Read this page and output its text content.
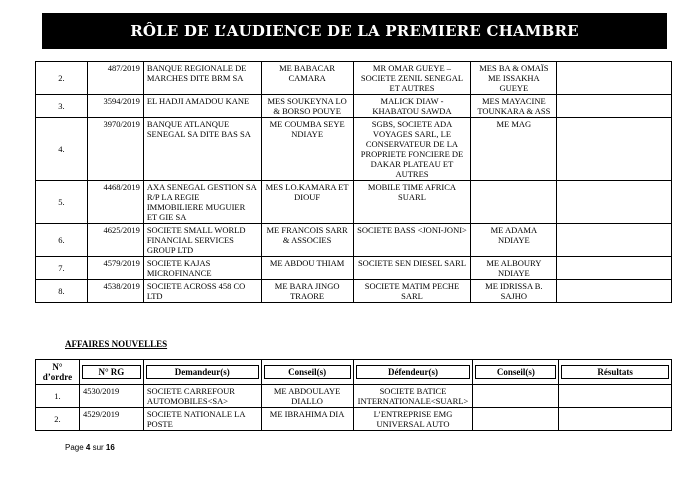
RÔLE DE L’AUDIENCE DE LA PREMIERE CHAMBRE
2.	487/2019	BANQUE REGIONALE DE MARCHES DITE BRM SA	ME BABACAR CAMARA	MR OMAR GUEYE – SOCIETE ZENIL SENEGAL ET AUTRES	MES BA & OMAÏS ME ISSAKHA GUEYE	
3.	3594/2019	EL HADJI AMADOU KANE	MES SOUKEYNA LO & BORSO POUYE	MALICK DIAW - KHABATOU SAWDA	MES MAYACINE TOUNKARA & ASS	
4.	3970/2019	BANQUE ATLANQUE SENEGAL SA DITE BAS SA	ME COUMBA SEYE NDIAYE	SGBS, SOCIETE ADA VOYAGES SARL, LE CONSERVATEUR DE LA PROPRIETE FONCIERE DE DAKAR PLATEAU ET AUTRES	ME MAG	
5.	4468/2019	AXA SENEGAL GESTION SA R/P LA REGIE IMMOBILIERE MUGUIER ET GIE SA	MES LO.KAMARA ET DIOUF	MOBILE TIME AFRICA SUARL		
6.	4625/2019	SOCIETE SMALL WORLD FINANCIAL SERVICES GROUP LTD	ME FRANCOIS SARR & ASSOCIES	SOCIETE BASS <JONI-JONI>	ME ADAMA NDIAYE	
7.	4579/2019	SOCIETE KAJAS MICROFINANCE	ME ABDOU THIAM	SOCIETE SEN DIESEL SARL	ME ALBOURY NDIAYE	
8.	4538/2019	SOCIETE ACROSS 458 CO LTD	ME BARA JINGO TRAORE	SOCIETE MATIM PECHE SARL	ME IDRISSA B. SAJHO	
AFFAIRES NOUVELLES
N° d’ordre	N° RG	Demandeur(s)	Conseil(s)	Défendeur(s)	Conseil(s)	Résultats

1.	4530/2019	SOCIETE CARREFOUR AUTOMOBILES<SA>	ME ABDOULAYE DIALLO	SOCIETE BATICE INTERNATIONALE<SUARL>		
2.	4529/2019	SOCIETE NATIONALE LA POSTE	ME IBRAHIMA DIA	L’ENTREPRISE EMG UNIVERSAL AUTO		
Page 4 sur 16
